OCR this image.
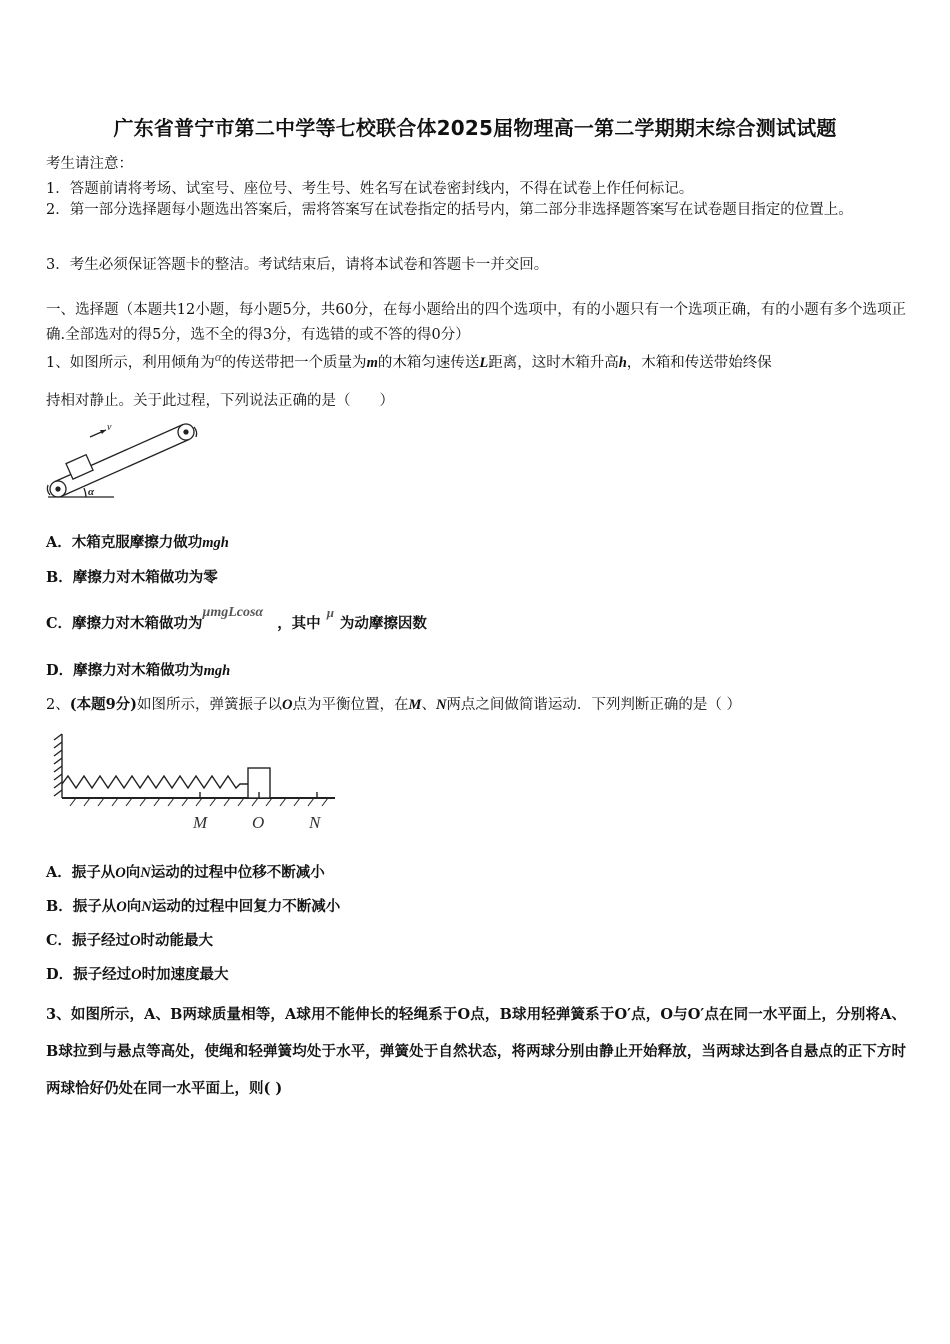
广东省普宁市第二中学等七校联合体2025届物理高一第二学期期末综合测试试题
考生请注意：
1．答题前请将考场、试室号、座位号、考生号、姓名写在试卷密封线内，不得在试卷上作任何标记。
2．第一部分选择题每小题选出答案后，需将答案写在试卷指定的括号内，第二部分非选择题答案写在试卷题目指定的位置上。
3．考生必须保证答题卡的整洁。考试结束后，请将本试卷和答题卡一并交回。
一、选择题（本题共12小题，每小题5分，共60分，在每小题给出的四个选项中，有的小题只有一个选项正确，有的小题有多个选项正确.全部选对的得5分，选不全的得3分，有选错的或不答的得0分）
1、如图所示，利用倾角为α的传送带把一个质量为m的木箱匀速传送L距离，这时木箱升高h，木箱和传送带始终保
持相对静止。关于此过程，下列说法正确的是（　　）
v
α
A．木箱克服摩擦力做功mgh
B．摩擦力对木箱做功为零
C．摩擦力对木箱做功为μmgLcosα，其中μ为动摩擦因数
D．摩擦力对木箱做功为mgh
2、(本题9分)如图所示，弹簧振子以O点为平衡位置，在M、N两点之间做简谐运动．下列判断正确的是（ ）
M	O	N
A．振子从O向N运动的过程中位移不断减小
B．振子从O向N运动的过程中回复力不断减小
C．振子经过O时动能最大
D．振子经过O时加速度最大
3、如图所示，A、B两球质量相等，A球用不能伸长的轻绳系于O点，B球用轻弹簧系于O′点，O与O′点在同一水平面上，分别将A、B球拉到与悬点等高处，使绳和轻弹簧均处于水平，弹簧处于自然状态，将两球分别由静止开始释放，当两球达到各自悬点的正下方时两球恰好仍处在同一水平面上，则( )
